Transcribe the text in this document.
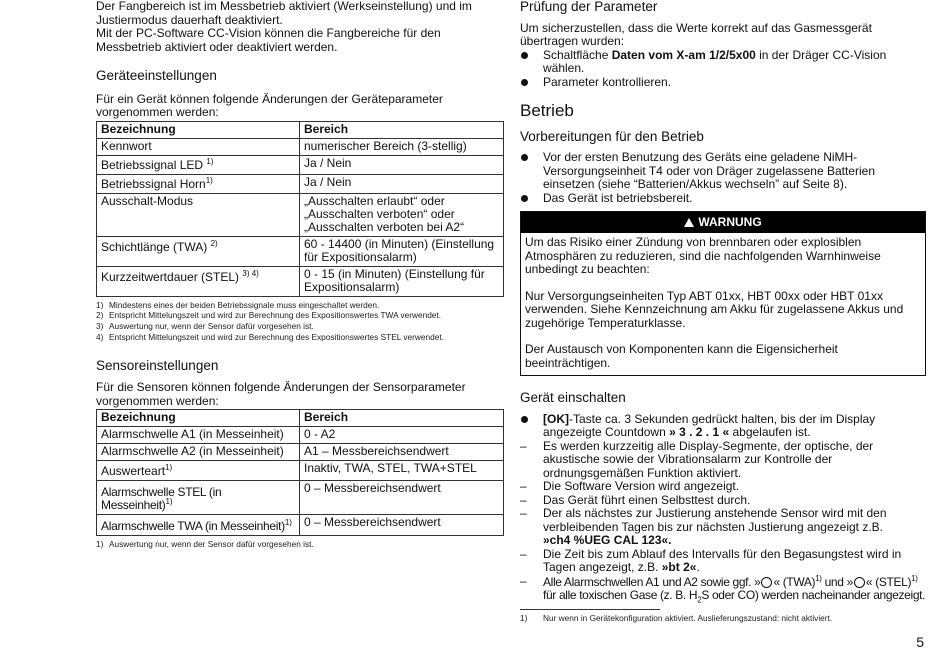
Der Fangbereich ist im Messbetrieb aktiviert (Werkseinstellung) und im Justiermodus dauerhaft deaktiviert.

Mit der PC-Software CC-Vision können die Fangbereiche für den Messbetrieb aktiviert oder deaktiviert werden.

Geräteeinstellungen

Für ein Gerät können folgende Änderungen der Geräteparameter vorgenommen werden:

Bezeichnung	Bereich
Kennwort	numerischer Bereich (3-stellig)
Betriebssignal LED $^{1)}$	Ja / Nein
Betriebssignal Horn$^{1)}$	Ja / Nein
Ausschalt-Modus	„Ausschalten erlaubt“ oder „Ausschalten verboten“ oder „Ausschalten verboten bei A2“
Schichtlänge (TWA) $^{2)}$	60 - 14400 (in Minuten) (Einstellung für Expositionsalarm)
Kurzzeitwertdauer (STEL) $^{3) 4)}$	0 - 15 (in Minuten) (Einstellung für Expositionsalarm)
1) Mindestens eines der beiden Betriebssignale muss eingeschaltet werden.
2) Entspricht Mittelungszeit und wird zur Berechnung des Expositionswertes TWA verwendet.
3) Auswertung nur, wenn der Sensor dafür vorgesehen ist.
4) Entspricht Mittelungszeit und wird zur Berechnung des Expositionswertes STEL verwendet.

Sensoreinstellungen

Für die Sensoren können folgende Änderungen der Sensorparameter vorgenommen werden:

Bezeichnung	Bereich
Alarmschwelle A1 (in Messeinheit)	0 - A2
Alarmschwelle A2 (in Messeinheit)	A1 – Messbereichsendwert
Auswerteart$^{1)}$	Inaktiv, TWA, STEL, TWA+STEL
Alarmschwelle STEL (in Messeinheit)$^{1)}$	0 – Messbereichsendwert
Alarmschwelle TWA (in Messeinheit)$^{1)}$	0 – Messbereichsendwert
1) Auswertung nur, wenn der Sensor dafür vorgesehen ist.

Prüfung der Parameter

Um sicherzustellen, dass die Werte korrekt auf das Gasmessgerät übertragen wurden:

Schaltfläche Daten vom X-am 1/2/5x00 in der Dräger CC-Vision wählen.
Parameter kontrollieren.

Betrieb

Vorbereitungen für den Betrieb

Vor der ersten Benutzung des Geräts eine geladene NiMH-Versorgungseinheit T4 oder von Dräger zugelassene Batterien einsetzen (siehe “Batterien/Akkus wechseln” auf Seite 8).
Das Gerät ist betriebsbereit.
WARNUNG

Um das Risiko einer Zündung von brennbaren oder explosiblen Atmosphären zu reduzieren, sind die nachfolgenden Warnhinweise unbedingt zu beachten:

Nur Versorgungseinheiten Typ ABT 01xx, HBT 00xx oder HBT 01xx verwenden. Siehe Kennzeichnung am Akku für zugelassene Akkus und zugehörige Temperaturklasse.

Der Austausch von Komponenten kann die Eigensicherheit beeinträchtigen.

Gerät einschalten

[OK]-Taste ca. 3 Sekunden gedrückt halten, bis der im Display angezeigte Countdown » 3 . 2 . 1 « abgelaufen ist.
–	Es werden kurzzeitig alle Display-Segmente, der optische, der akustische sowie der Vibrationsalarm zur Kontrolle der ordnungsgemäßen Funktion aktiviert.
–	Die Software Version wird angezeigt.
–	Das Gerät führt einen Selbsttest durch.
–	Der als nächstes zur Justierung anstehende Sensor wird mit den verbleibenden Tagen bis zur nächsten Justierung angezeigt z.B.
»ch4 %UEG CAL 123«.
–	Die Zeit bis zum Ablauf des Intervalls für den Begasungstest wird in Tagen angezeigt, z.B. »bt 2«.
–	Alle Alarmschwellen A1 und A2 sowie ggf. » « (TWA)$^{1)}$ und » « (STEL)$^{1)}$ für alle toxischen Gase (z. B. $H_2S$ oder CO) werden nacheinander angezeigt.
1) Nur wenn in Gerätekonfiguration aktiviert. Auslieferungszustand: nicht aktiviert.
5
